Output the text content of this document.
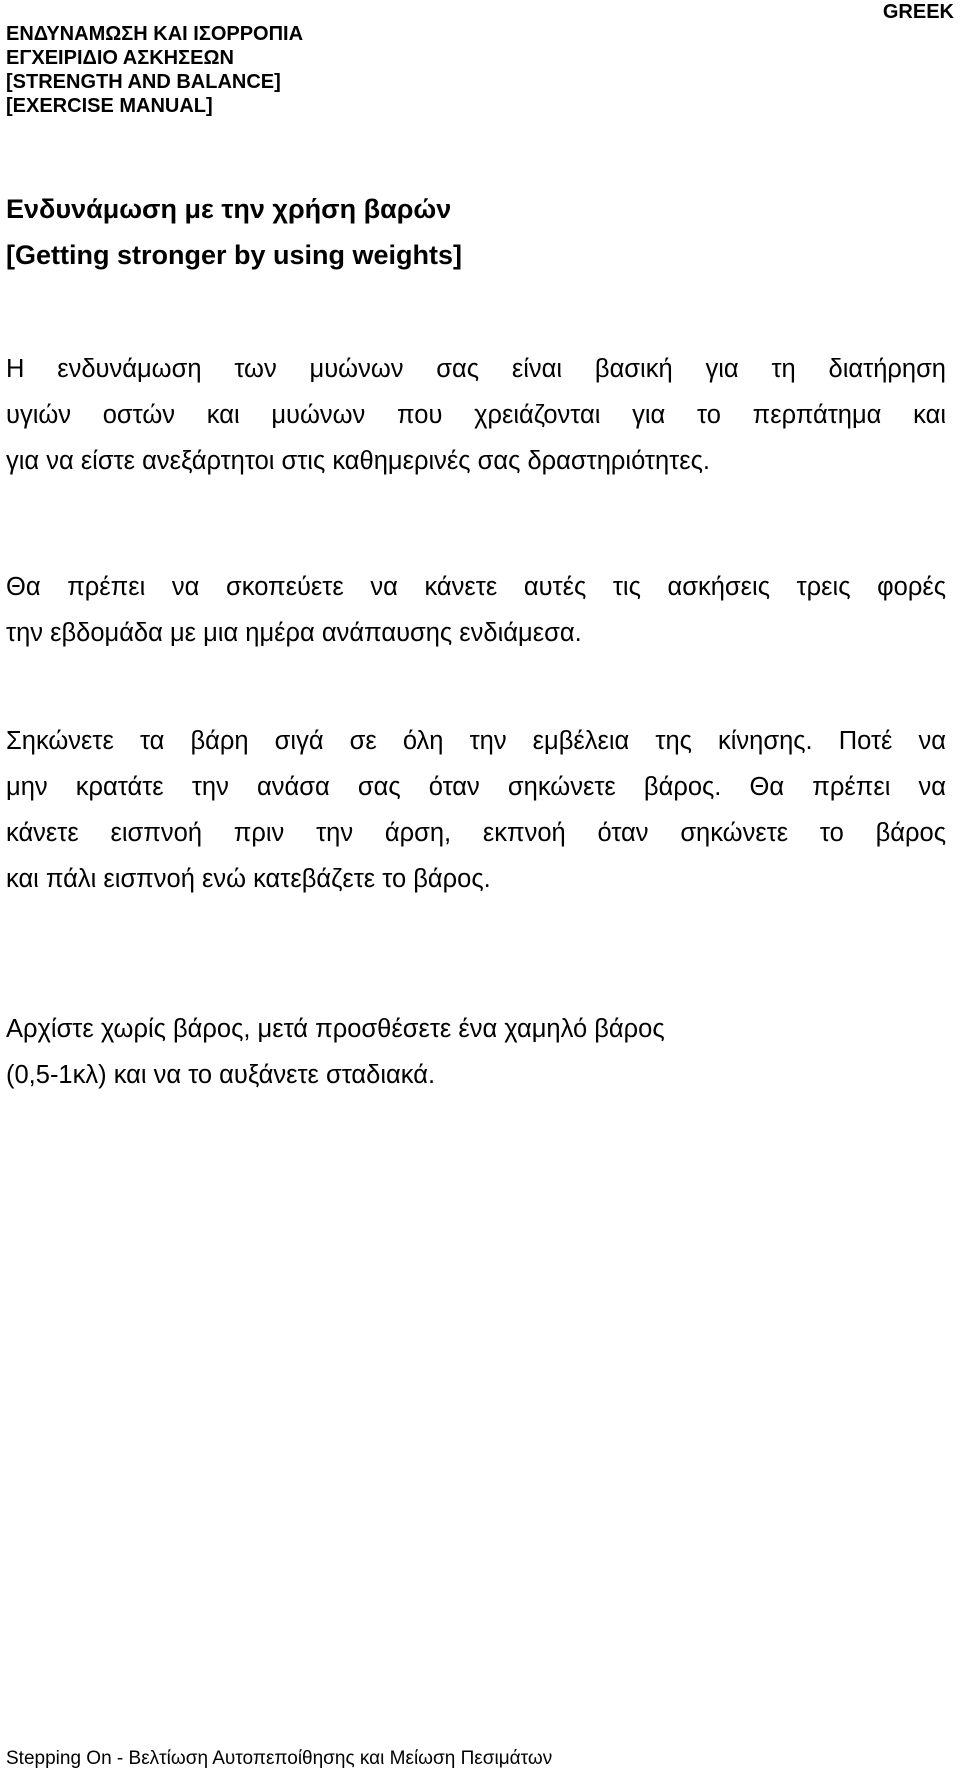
ΕΝΔΥΝΑΜΩΣΗ ΚΑΙ ΙΣΟΡΡΟΠΙΑ
ΕΓΧΕΙΡΙΔΙΟ ΑΣΚΗΣΕΩΝ
[STRENGTH AND BALANCE]
[EXERCISE MANUAL]
GREEK
Ενδυνάμωση με την χρήση βαρών
[Getting stronger by using weights]

Η ενδυνάμωση των μυώνων σας είναι βασική για τη διατήρηση
υγιών οστών και μυώνων που χρειάζονται για το περπάτημα και
για να είστε ανεξάρτητοι στις καθημερινές σας δραστηριότητες.

Θα πρέπει να σκοπεύετε να κάνετε αυτές τις ασκήσεις τρεις φορές
την εβδομάδα με μια ημέρα ανάπαυσης ενδιάμεσα.

Σηκώνετε τα βάρη σιγά σε όλη την εμβέλεια της κίνησης. Ποτέ να
μην κρατάτε την ανάσα σας όταν σηκώνετε βάρος. Θα πρέπει να
κάνετε εισπνοή πριν την άρση, εκπνοή όταν σηκώνετε το βάρος
και πάλι εισπνοή ενώ κατεβάζετε το βάρος.

Αρχίστε χωρίς βάρος, μετά προσθέσετε ένα χαμηλό βάρος
(0,5-1κλ) και να το αυξάνετε σταδιακά.

Stepping On - Βελτίωση Αυτοπεποίθησης και Μείωση Πεσιμάτων
